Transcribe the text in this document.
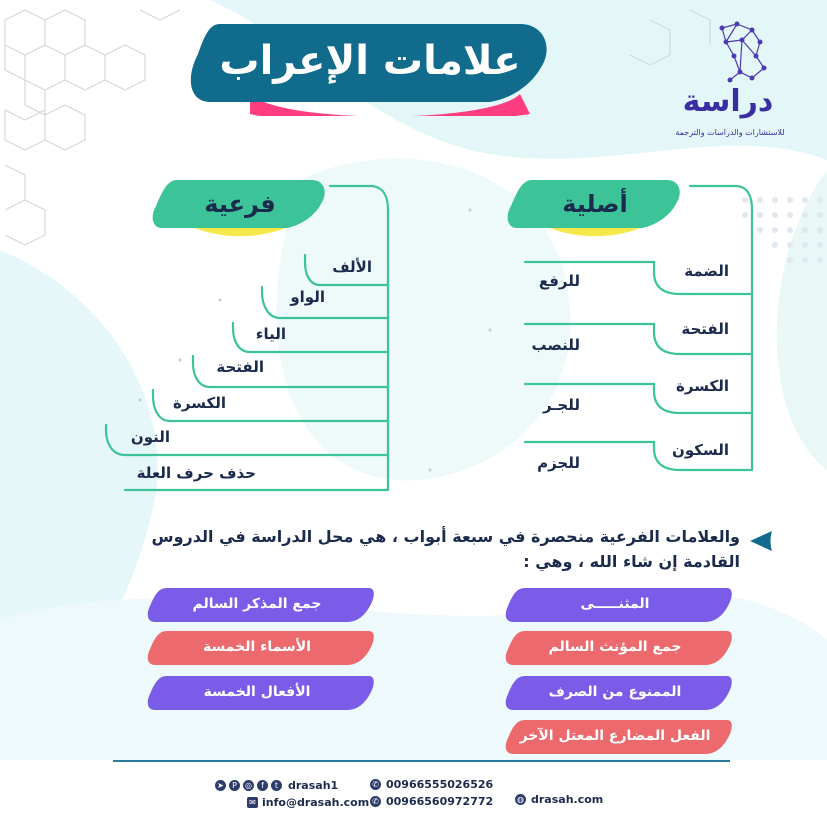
علامات الإعراب
دراسة
للاستشارات والدراسات والترجمة
أصلية
فرعية
الضمة
للرفع
الفتحة
للنصب
الكسرة
للجـر
السكون
للجزم
الألف
الواو
الياء
الفتحة
الكسرة
النون
حذف حرف العلة
والعلامات الفرعية منحصرة في سبعة أبواب ، هي محل الدراسة في الدروس القادمة إن شاء الله ، وهي :
المثنـــــى
جمع المؤنث السالم
الممنوع من الصرف
الفعل المضارع المعتل الآخر
جمع المذكر السالم
الأسماء الخمسة
الأفعال الخمسة
➤	P	◎	f	t drasah1
✉ info@drasah.com
✆ 00966555026526
✆ 00966560972772	◍ drasah.com
